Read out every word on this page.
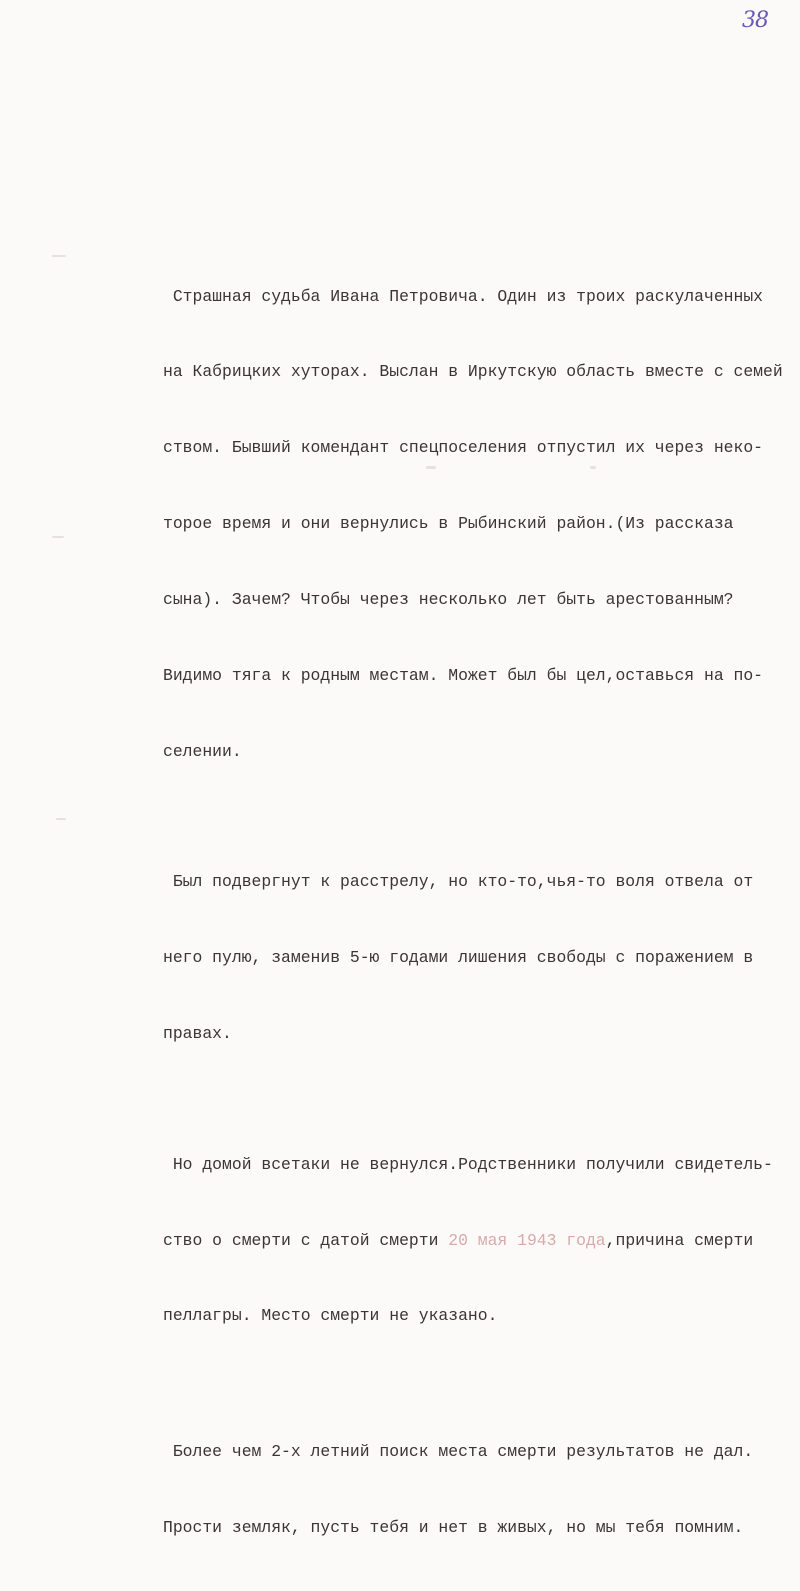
38

Страшная судьба Ивана Петровича. Один из троих раскулаченных

на Кабрицких хуторах. Выслан в Иркутскую область вместе с семей

ством. Бывший комендант спецпоселения отпустил их через неко-

торое время и они вернулись в Рыбинский район.(Из рассказа

сына). Зачем? Чтобы через несколько лет быть арестованным?

Видимо тяга к родным местам. Может был бы цел,оставься на по-

селении.

Был подвергнут к расстрелу, но кто-то,чья-то воля отвела от

него пулю, заменив 5-ю годами лишения свободы с поражением в

правах.

Но домой всетаки не вернулся.Родственники получили свидетель-

ство о смерти с датой смерти 20 мая 1943 года,причина смерти

пеллагры. Место смерти не указано.

Более чем 2-х летний поиск места смерти результатов не дал.

Прости земляк, пусть тебя и нет в живых, но мы тебя помним.
